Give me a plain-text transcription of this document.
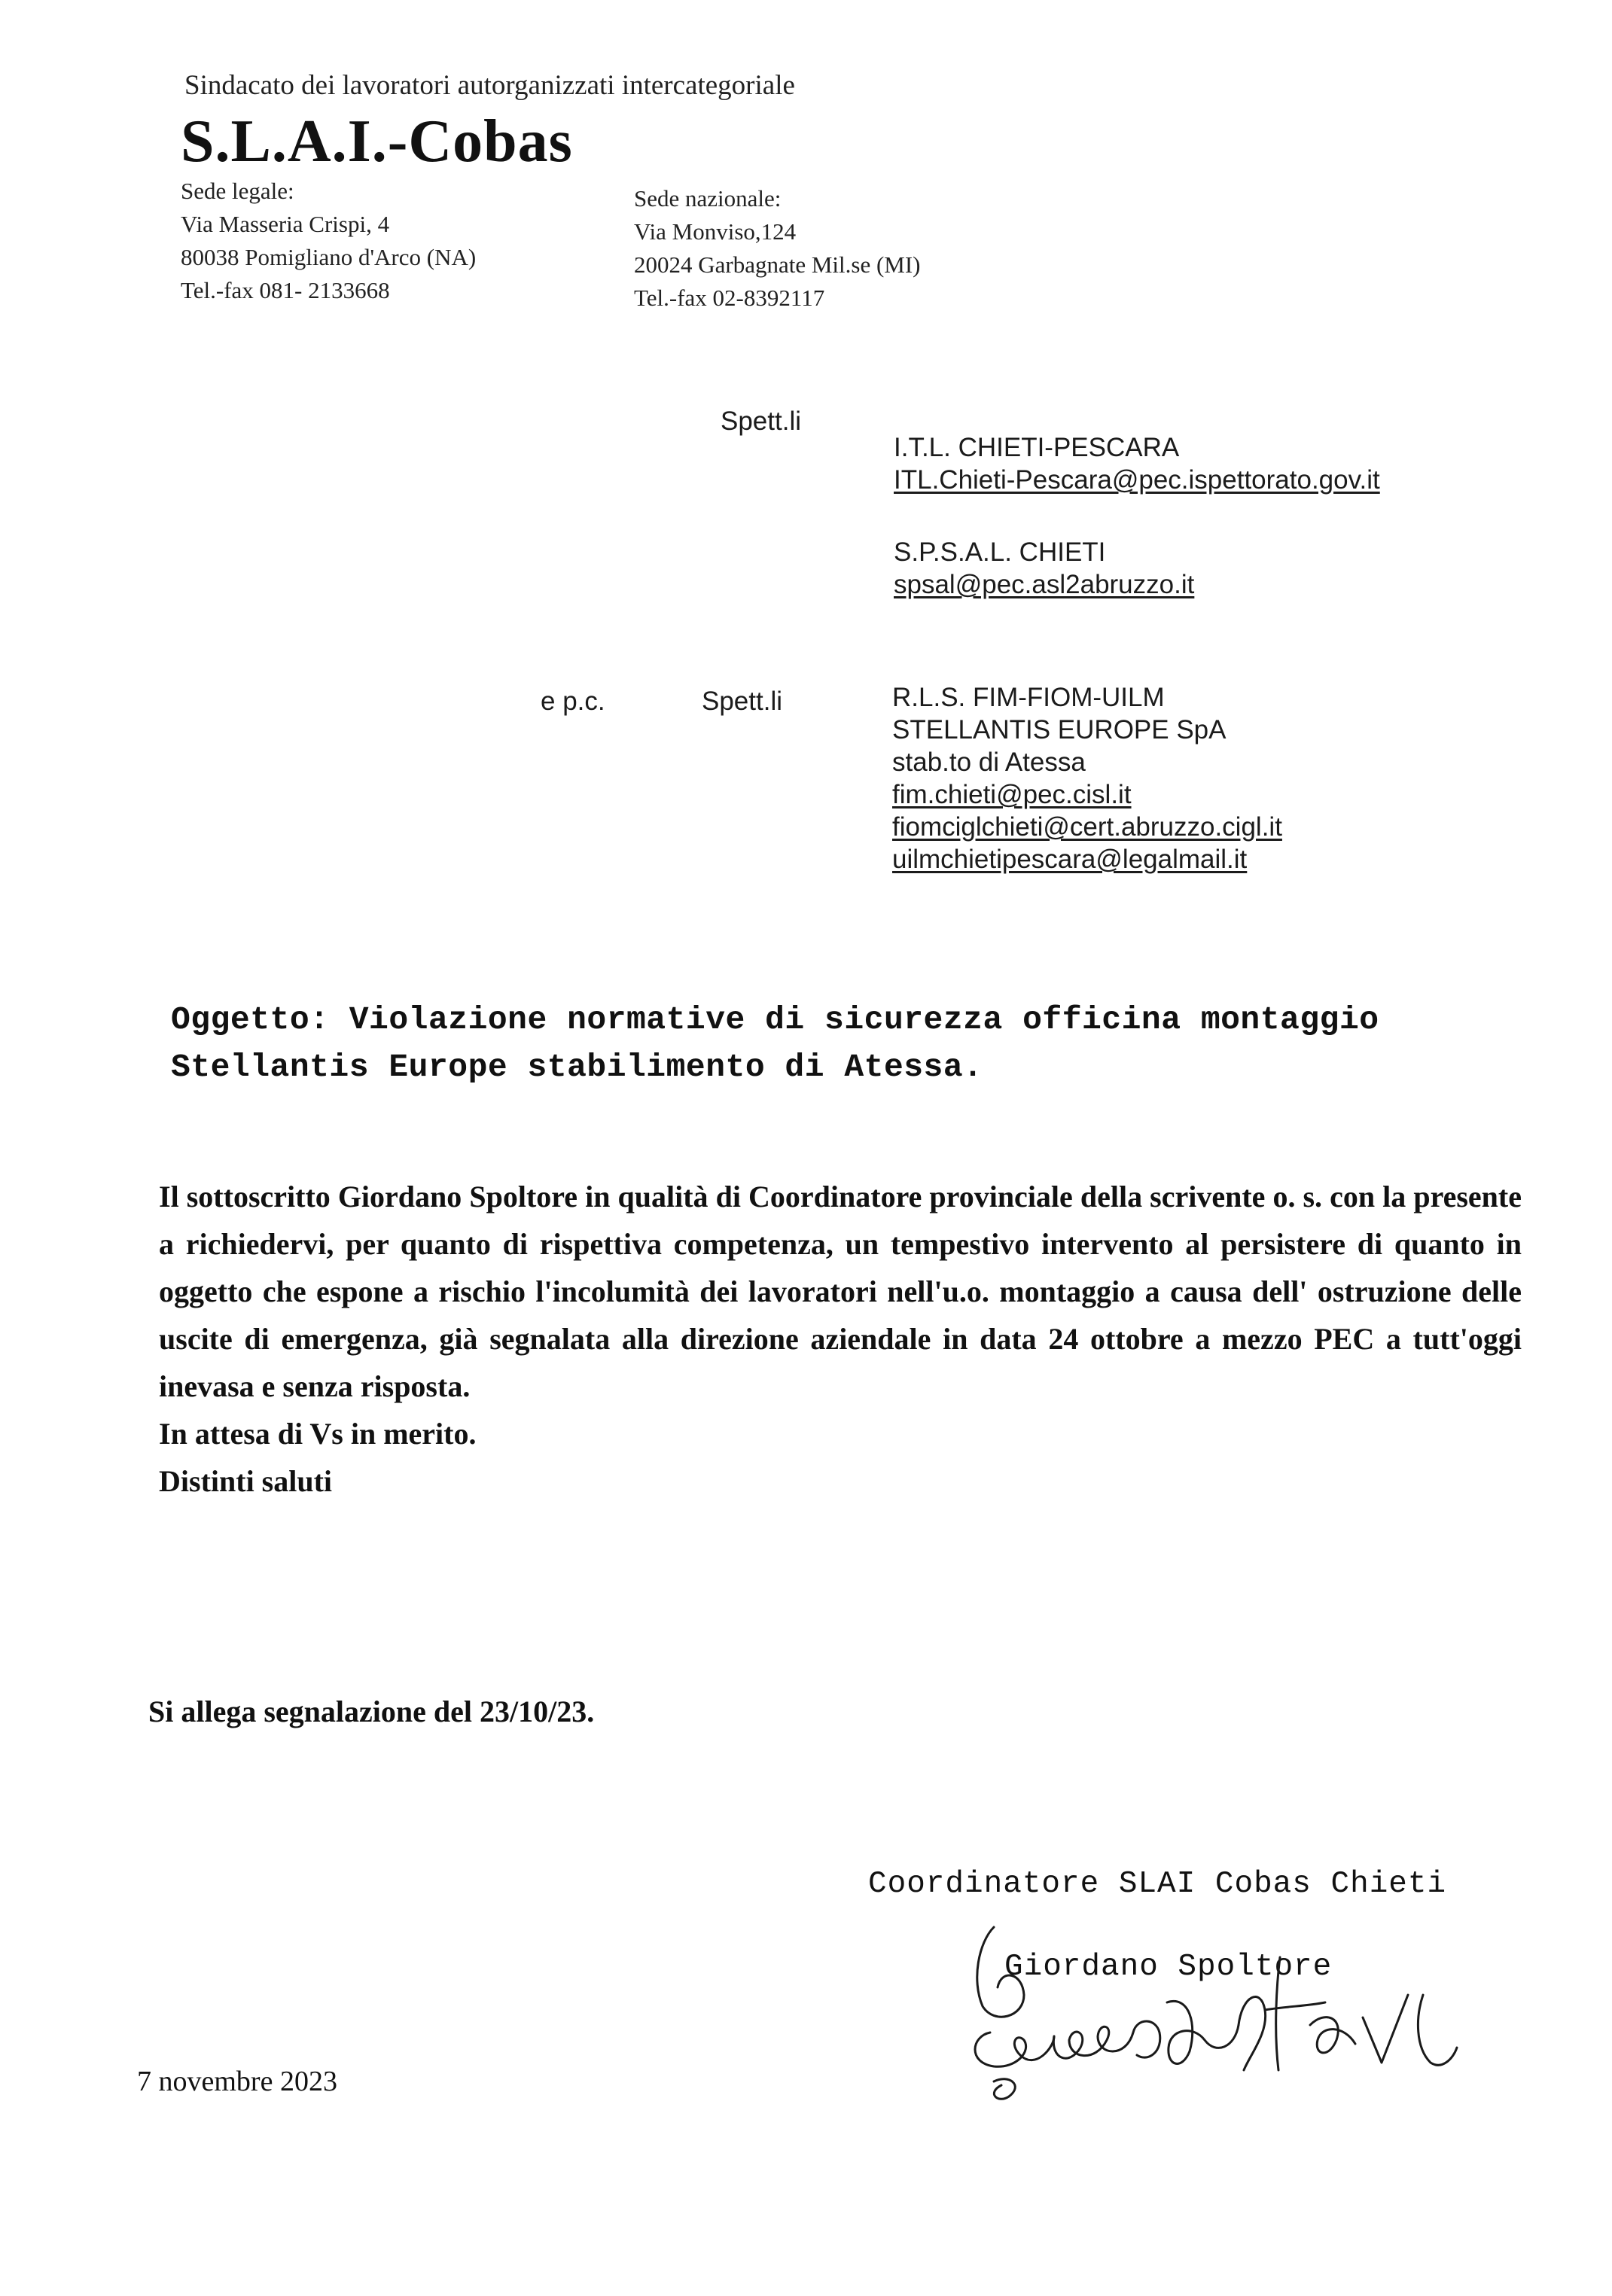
Sindacato dei lavoratori autorganizzati intercategoriale
S.L.A.I.-Cobas
Sede legale:
Via Masseria Crispi, 4
80038 Pomigliano d'Arco (NA)
Tel.-fax 081- 2133668
Sede nazionale:
Via Monviso,124
20024 Garbagnate Mil.se (MI)
Tel.-fax 02-8392117
Spett.li
I.T.L. CHIETI-PESCARA
ITL.Chieti-Pescara@pec.ispettorato.gov.it
S.P.S.A.L. CHIETI
spsal@pec.asl2abruzzo.it
e p.c.	Spett.li	R.L.S. FIM-FIOM-UILM
STELLANTIS EUROPE SpA
stab.to di Atessa
fim.chieti@pec.cisl.it
fiomciglchieti@cert.abruzzo.cigl.it
uilmchietipescara@legalmail.it
Oggetto: Violazione normative di sicurezza officina montaggio
Stellantis Europe stabilimento di Atessa.

Il sottoscritto Giordano Spoltore in qualità di Coordinatore provinciale della scrivente o. s. con la presente a richiedervi, per quanto di rispettiva competenza, un tempestivo intervento al persistere di quanto in oggetto che espone a rischio l'incolumità dei lavoratori nell'u.o. montaggio a causa dell' ostruzione delle uscite di emergenza, già segnalata alla direzione aziendale in data 24 ottobre a mezzo PEC a tutt'oggi inevasa e senza risposta.

In attesa di Vs in merito.

Distinti saluti

Si allega segnalazione del 23/10/23.
Coordinatore SLAI Cobas Chieti
Giordano Spoltore
7 novembre 2023
